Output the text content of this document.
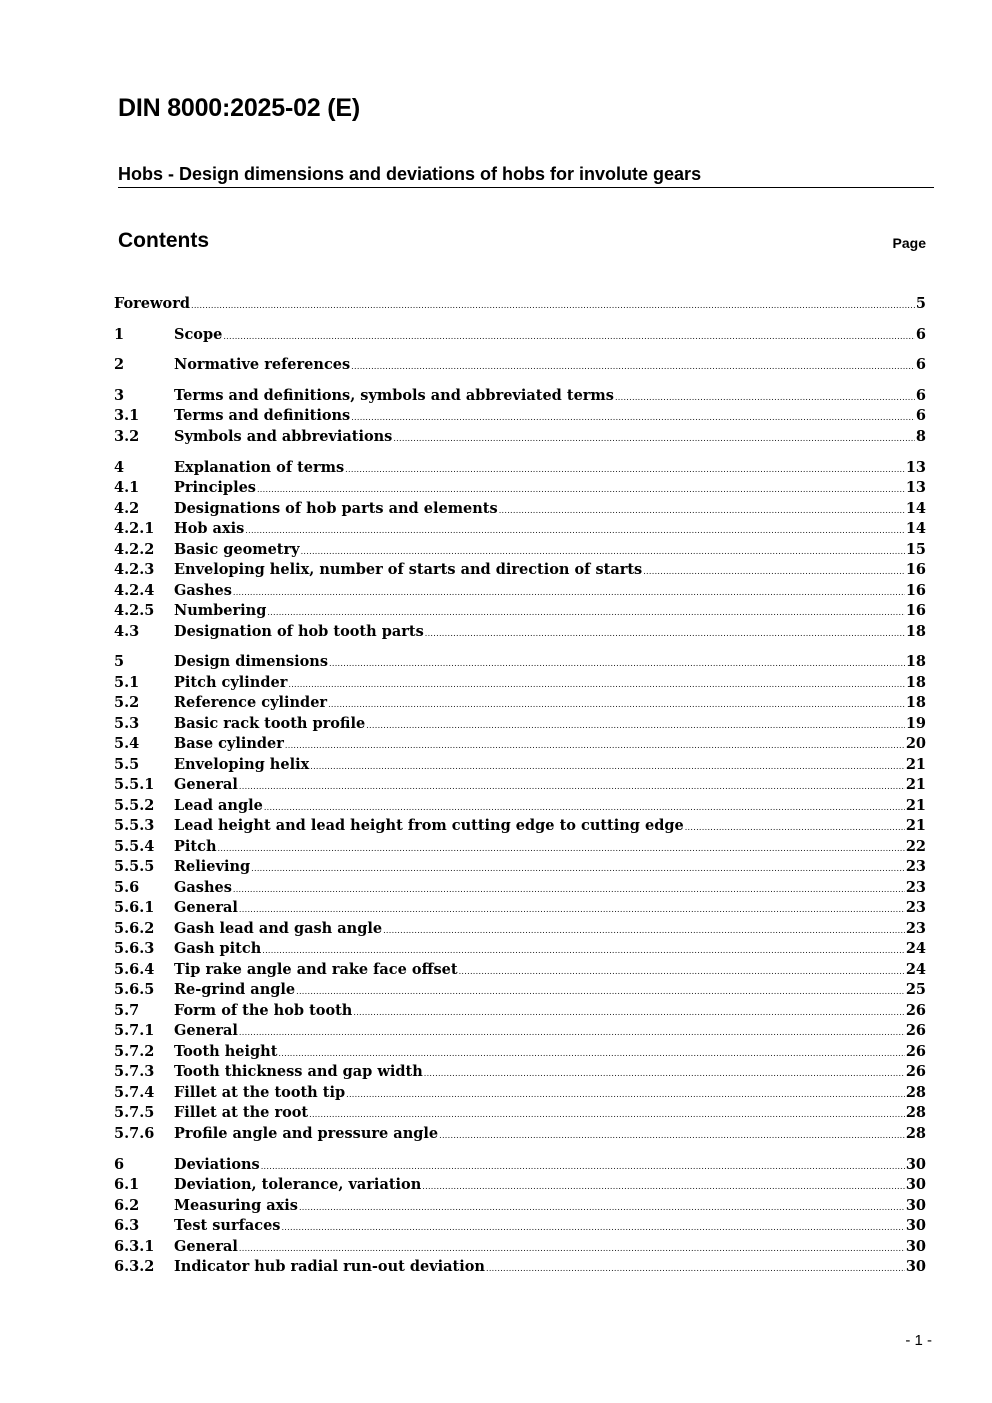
DIN 8000:2025-02 (E)
Hobs - Design dimensions and deviations of hobs for involute gears
Contents	Page
Foreword .....	5
1	Scope .....	6
2	Normative references .....	6
3	Terms and definitions, symbols and abbreviated terms .....	6
3.1	Terms and definitions .....	6
3.2	Symbols and abbreviations .....	8
4	Explanation of terms .....	13
4.1	Principles .....	13
4.2	Designations of hob parts and elements .....	14
4.2.1	Hob axis .....	14
4.2.2	Basic geometry .....	15
4.2.3	Enveloping helix, number of starts and direction of starts .....	16
4.2.4	Gashes .....	16
4.2.5	Numbering .....	16
4.3	Designation of hob tooth parts .....	18
5	Design dimensions .....	18
5.1	Pitch cylinder .....	18
5.2	Reference cylinder .....	18
5.3	Basic rack tooth profile .....	19
5.4	Base cylinder .....	20
5.5	Enveloping helix .....	21
5.5.1	General .....	21
5.5.2	Lead angle .....	21
5.5.3	Lead height and lead height from cutting edge to cutting edge .....	21
5.5.4	Pitch .....	22
5.5.5	Relieving .....	23
5.6	Gashes .....	23
5.6.1	General .....	23
5.6.2	Gash lead and gash angle .....	23
5.6.3	Gash pitch .....	24
5.6.4	Tip rake angle and rake face offset .....	24
5.6.5	Re-grind angle .....	25
5.7	Form of the hob tooth .....	26
5.7.1	General .....	26
5.7.2	Tooth height .....	26
5.7.3	Tooth thickness and gap width .....	26
5.7.4	Fillet at the tooth tip .....	28
5.7.5	Fillet at the root .....	28
5.7.6	Profile angle and pressure angle .....	28
6	Deviations .....	30
6.1	Deviation, tolerance, variation .....	30
6.2	Measuring axis .....	30
6.3	Test surfaces .....	30
6.3.1	General .....	30
6.3.2	Indicator hub radial run-out deviation .....	30
- 1 -
